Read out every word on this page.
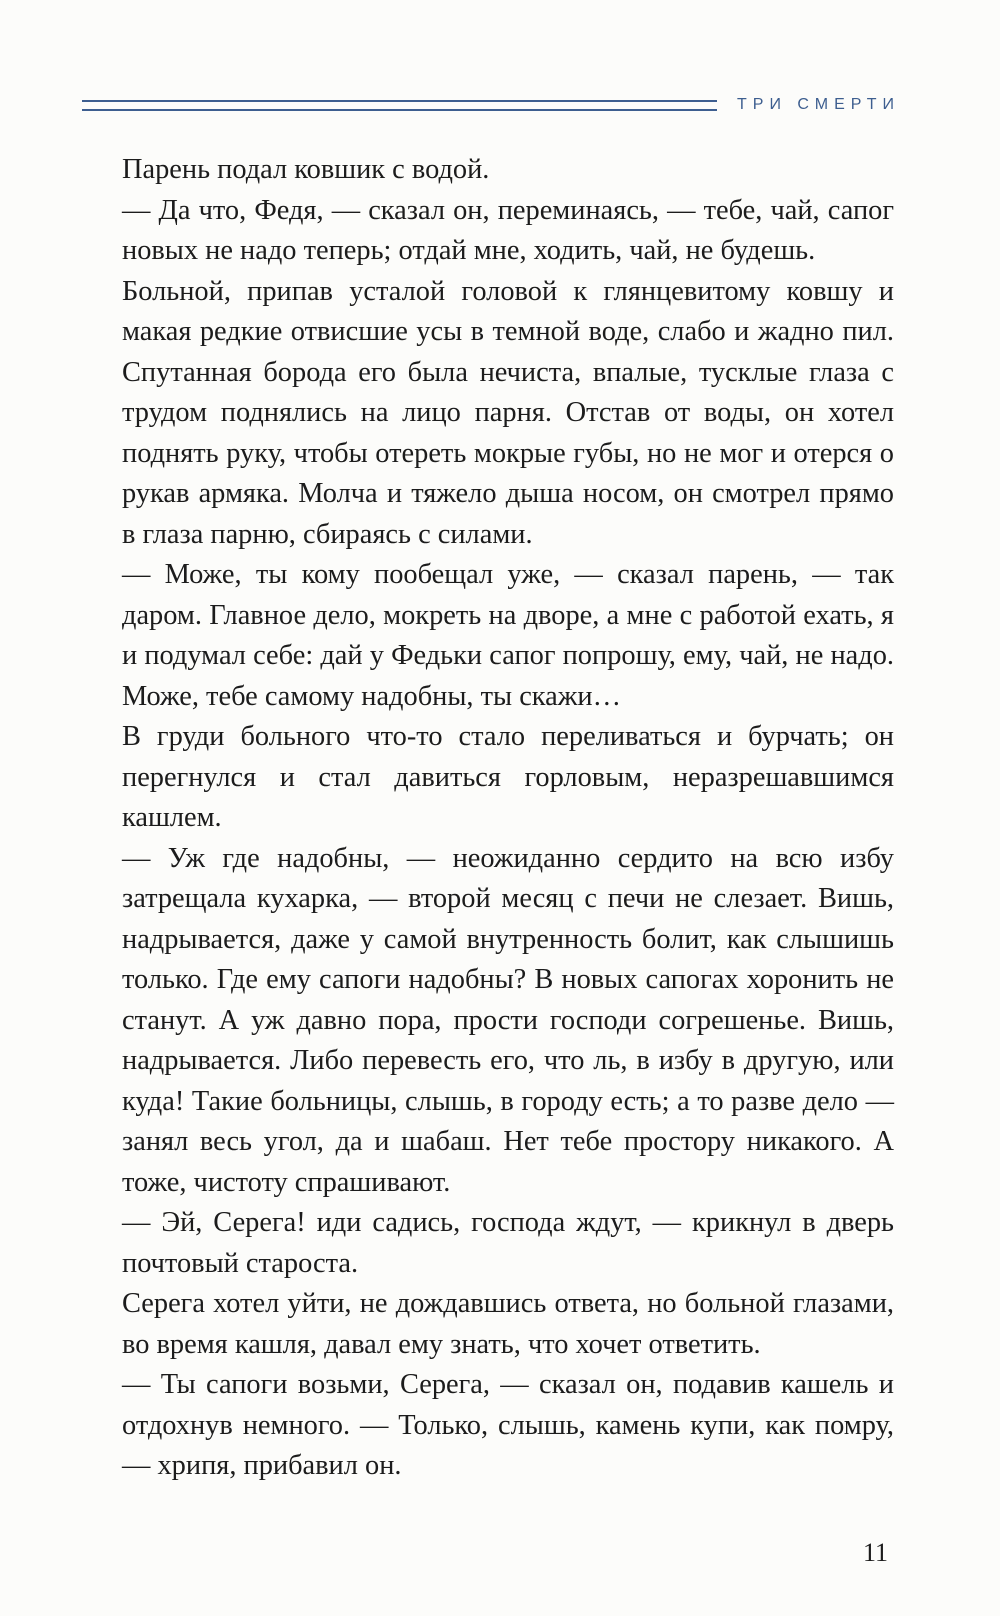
ТРИ СМЕРТИ

Парень подал ковшик с водой.

— Да что, Федя, — сказал он, переминаясь, — тебе, чай, сапог новых не надо теперь; отдай мне, ходить, чай, не будешь.

Больной, припав усталой головой к глянцевитому ковшу и макая редкие отвисшие усы в темной воде, слабо и жадно пил. Спутанная борода его была нечиста, впалые, тусклые глаза с трудом поднялись на лицо парня. Отстав от воды, он хотел поднять руку, чтобы отереть мокрые губы, но не мог и отерся о рукав армяка. Молча и тяжело дыша носом, он смотрел прямо в глаза парню, сбираясь с силами.

— Може, ты кому пообещал уже, — сказал парень, — так даром. Главное дело, мокреть на дворе, а мне с работой ехать, я и подумал себе: дай у Федьки сапог попрошу, ему, чай, не надо. Може, тебе самому надобны, ты скажи…

В груди больного что-то стало переливаться и бурчать; он перегнулся и стал давиться горловым, неразрешавшимся кашлем.

— Уж где надобны, — неожиданно сердито на всю избу затрещала кухарка, — второй месяц с печи не слезает. Вишь, надрывается, даже у самой внутренность болит, как слышишь только. Где ему сапоги надобны? В новых сапогах хоронить не станут. А уж давно пора, прости господи согрешенье. Вишь, надрывается. Либо перевесть его, что ль, в избу в другую, или куда! Такие больницы, слышь, в городу есть; а то разве дело — занял весь угол, да и шабаш. Нет тебе простору никакого. А тоже, чистоту спрашивают.

— Эй, Серега! иди садись, господа ждут, — крикнул в дверь почтовый староста.

Серега хотел уйти, не дождавшись ответа, но больной глазами, во время кашля, давал ему знать, что хочет ответить.

— Ты сапоги возьми, Серега, — сказал он, подавив кашель и отдохнув немного. — Только, слышь, камень купи, как помру, — хрипя, прибавил он.

11
